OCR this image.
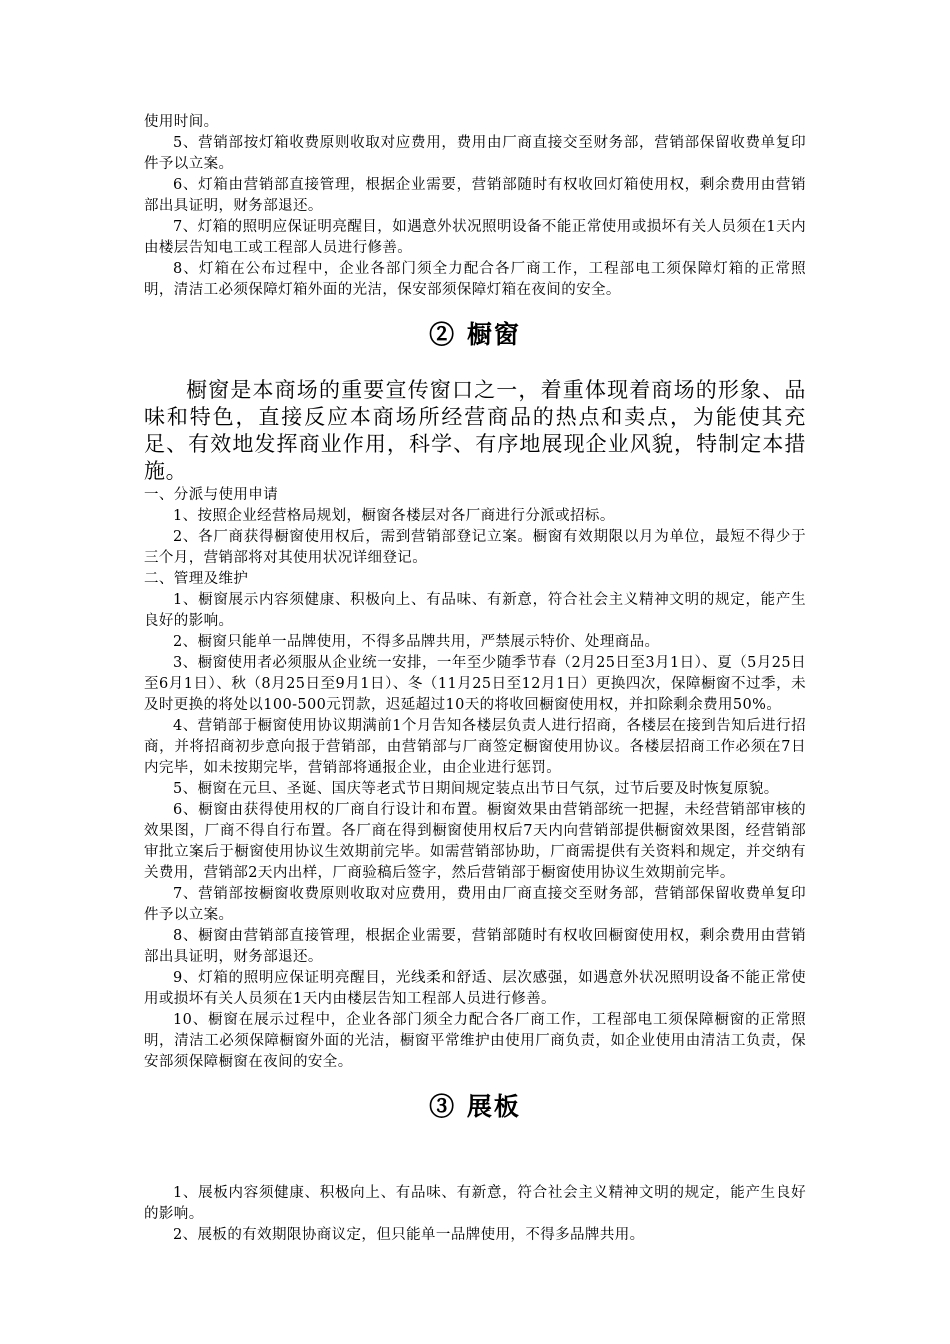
使用时间。

5、营销部按灯箱收费原则收取对应费用，费用由厂商直接交至财务部，营销部保留收费单复印件予以立案。

6、灯箱由营销部直接管理，根据企业需要，营销部随时有权收回灯箱使用权，剩余费用由营销部出具证明，财务部退还。

7、灯箱的照明应保证明亮醒目，如遇意外状况照明设备不能正常使用或损坏有关人员须在1天内由楼层告知电工或工程部人员进行修善。

8、灯箱在公布过程中，企业各部门须全力配合各厂商工作，工程部电工须保障灯箱的正常照明，清洁工必须保障灯箱外面的光洁，保安部须保障灯箱在夜间的安全。

② 橱窗

橱窗是本商场的重要宣传窗口之一，着重体现着商场的形象、品味和特色，直接反应本商场所经营商品的热点和卖点，为能使其充足、有效地发挥商业作用，科学、有序地展现企业风貌，特制定本措施。

一、分派与使用申请

1、按照企业经营格局规划，橱窗各楼层对各厂商进行分派或招标。

2、各厂商获得橱窗使用权后，需到营销部登记立案。橱窗有效期限以月为单位，最短不得少于三个月，营销部将对其使用状况详细登记。

二、管理及维护

1、橱窗展示内容须健康、积极向上、有品味、有新意，符合社会主义精神文明的规定，能产生良好的影响。

2、橱窗只能单一品牌使用，不得多品牌共用，严禁展示特价、处理商品。

3、橱窗使用者必须服从企业统一安排，一年至少随季节春（2月25日至3月1日）、夏（5月25日至6月1日）、秋（8月25日至9月1日）、冬（11月25日至12月1日）更换四次，保障橱窗不过季，未及时更换的将处以100-500元罚款，迟延超过10天的将收回橱窗使用权，并扣除剩余费用50%。

4、营销部于橱窗使用协议期满前1个月告知各楼层负责人进行招商，各楼层在接到告知后进行招商，并将招商初步意向报于营销部，由营销部与厂商签定橱窗使用协议。各楼层招商工作必须在7日内完毕，如未按期完毕，营销部将通报企业，由企业进行惩罚。

5、橱窗在元旦、圣诞、国庆等老式节日期间规定装点出节日气氛，过节后要及时恢复原貌。

6、橱窗由获得使用权的厂商自行设计和布置。橱窗效果由营销部统一把握，未经营销部审核的效果图，厂商不得自行布置。各厂商在得到橱窗使用权后7天内向营销部提供橱窗效果图，经营销部审批立案后于橱窗使用协议生效期前完毕。如需营销部协助，厂商需提供有关资料和规定，并交纳有关费用，营销部2天内出样，厂商验稿后签字，然后营销部于橱窗使用协议生效期前完毕。

7、营销部按橱窗收费原则收取对应费用，费用由厂商直接交至财务部，营销部保留收费单复印件予以立案。

8、橱窗由营销部直接管理，根据企业需要，营销部随时有权收回橱窗使用权，剩余费用由营销部出具证明，财务部退还。

9、灯箱的照明应保证明亮醒目，光线柔和舒适、层次感强，如遇意外状况照明设备不能正常使用或损坏有关人员须在1天内由楼层告知工程部人员进行修善。

10、橱窗在展示过程中，企业各部门须全力配合各厂商工作，工程部电工须保障橱窗的正常照明，清洁工必须保障橱窗外面的光洁，橱窗平常维护由使用厂商负责，如企业使用由清洁工负责，保安部须保障橱窗在夜间的安全。

③ 展板

1、展板内容须健康、积极向上、有品味、有新意，符合社会主义精神文明的规定，能产生良好的影响。

2、展板的有效期限协商议定，但只能单一品牌使用，不得多品牌共用。
